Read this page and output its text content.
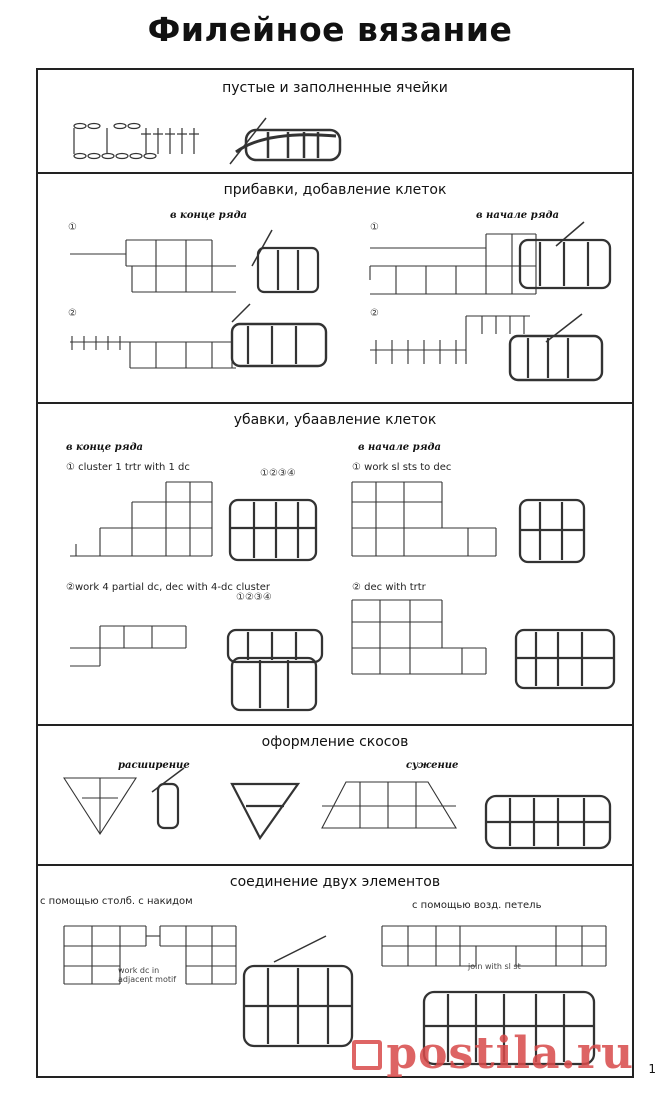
Филейное вязание
пустые и заполненные ячейки
прибавки, добавление клеток
в конце ряда	в начале ряда
①	①
②	②
убавки, убаавление клеток
в конце ряда	в начале ряда
① cluster 1 trtr with 1 dc	① work sl sts to dec
②work 4 partial dc, dec with 4-dc cluster	② dec with trtr
①②③④
①②③④
оформление скосов
расширение	сужение
соединение двух элементов
с помощью столб. с накидом	с помощью возд. петель
work dc in
adjacent motif
join with sl st
postila.ru 1
